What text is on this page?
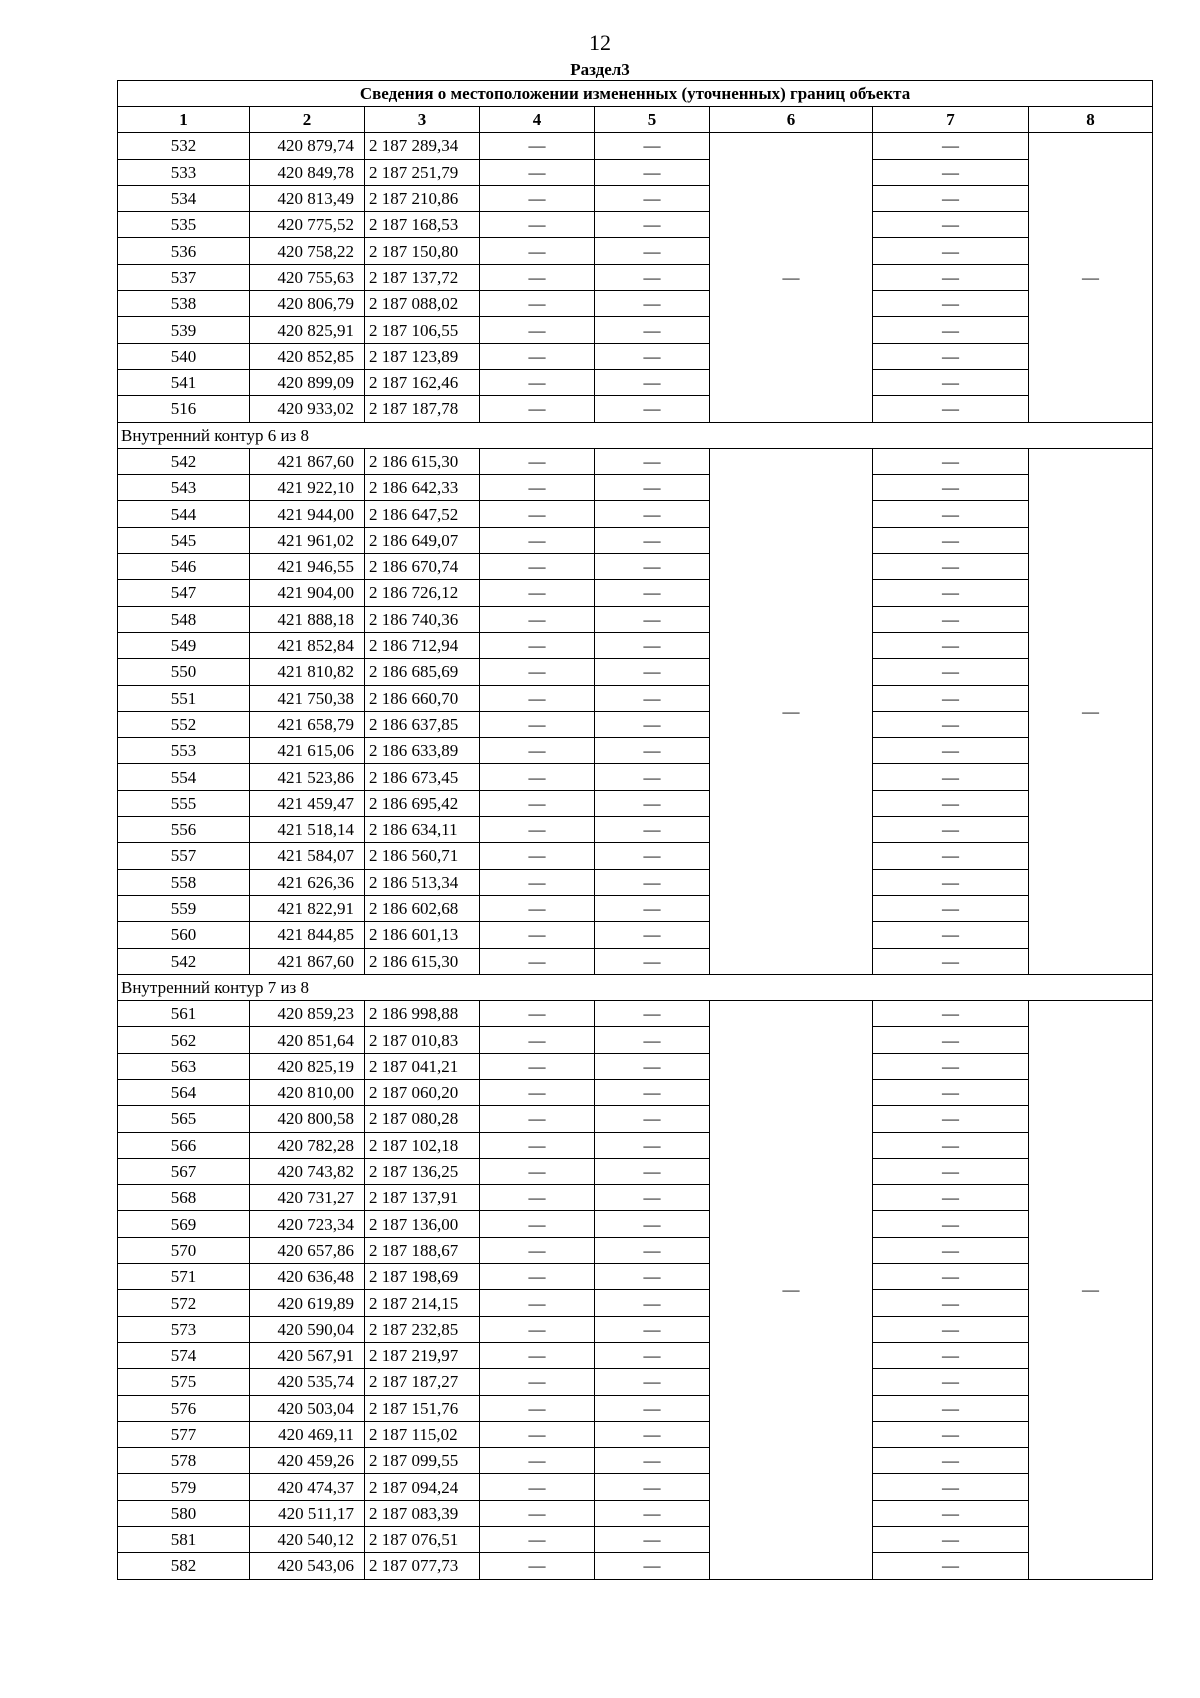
12
Раздел3
Сведения о местоположении измененных (уточненных) границ объекта							
1	2	3	4	5	6	7	8
532	420 879,74	2 187 289,34	—	—	—	—	—
533	420 849,78	2 187 251,79	—	—		—	
534	420 813,49	2 187 210,86	—	—		—	
535	420 775,52	2 187 168,53	—	—		—	
536	420 758,22	2 187 150,80	—	—		—	
537	420 755,63	2 187 137,72	—	—		—	
538	420 806,79	2 187 088,02	—	—		—	
539	420 825,91	2 187 106,55	—	—		—	
540	420 852,85	2 187 123,89	—	—		—	
541	420 899,09	2 187 162,46	—	—		—	
516	420 933,02	2 187 187,78	—	—		—	
Внутренний контур 6 из 8							
542	421 867,60	2 186 615,30	—	—	—	—	—
543	421 922,10	2 186 642,33	—	—		—	
544	421 944,00	2 186 647,52	—	—		—	
545	421 961,02	2 186 649,07	—	—		—	
546	421 946,55	2 186 670,74	—	—		—	
547	421 904,00	2 186 726,12	—	—		—	
548	421 888,18	2 186 740,36	—	—		—	
549	421 852,84	2 186 712,94	—	—		—	
550	421 810,82	2 186 685,69	—	—		—	
551	421 750,38	2 186 660,70	—	—		—	
552	421 658,79	2 186 637,85	—	—		—	
553	421 615,06	2 186 633,89	—	—		—	
554	421 523,86	2 186 673,45	—	—		—	
555	421 459,47	2 186 695,42	—	—		—	
556	421 518,14	2 186 634,11	—	—		—	
557	421 584,07	2 186 560,71	—	—		—	
558	421 626,36	2 186 513,34	—	—		—	
559	421 822,91	2 186 602,68	—	—		—	
560	421 844,85	2 186 601,13	—	—		—	
542	421 867,60	2 186 615,30	—	—		—	
Внутренний контур 7 из 8							
561	420 859,23	2 186 998,88	—	—	—	—	—
562	420 851,64	2 187 010,83	—	—		—	
563	420 825,19	2 187 041,21	—	—		—	
564	420 810,00	2 187 060,20	—	—		—	
565	420 800,58	2 187 080,28	—	—		—	
566	420 782,28	2 187 102,18	—	—		—	
567	420 743,82	2 187 136,25	—	—		—	
568	420 731,27	2 187 137,91	—	—		—	
569	420 723,34	2 187 136,00	—	—		—	
570	420 657,86	2 187 188,67	—	—		—	
571	420 636,48	2 187 198,69	—	—		—	
572	420 619,89	2 187 214,15	—	—		—	
573	420 590,04	2 187 232,85	—	—		—	
574	420 567,91	2 187 219,97	—	—		—	
575	420 535,74	2 187 187,27	—	—		—	
576	420 503,04	2 187 151,76	—	—		—	
577	420 469,11	2 187 115,02	—	—		—	
578	420 459,26	2 187 099,55	—	—		—	
579	420 474,37	2 187 094,24	—	—		—	
580	420 511,17	2 187 083,39	—	—		—	
581	420 540,12	2 187 076,51	—	—		—	
582	420 543,06	2 187 077,73	—	—		—	
